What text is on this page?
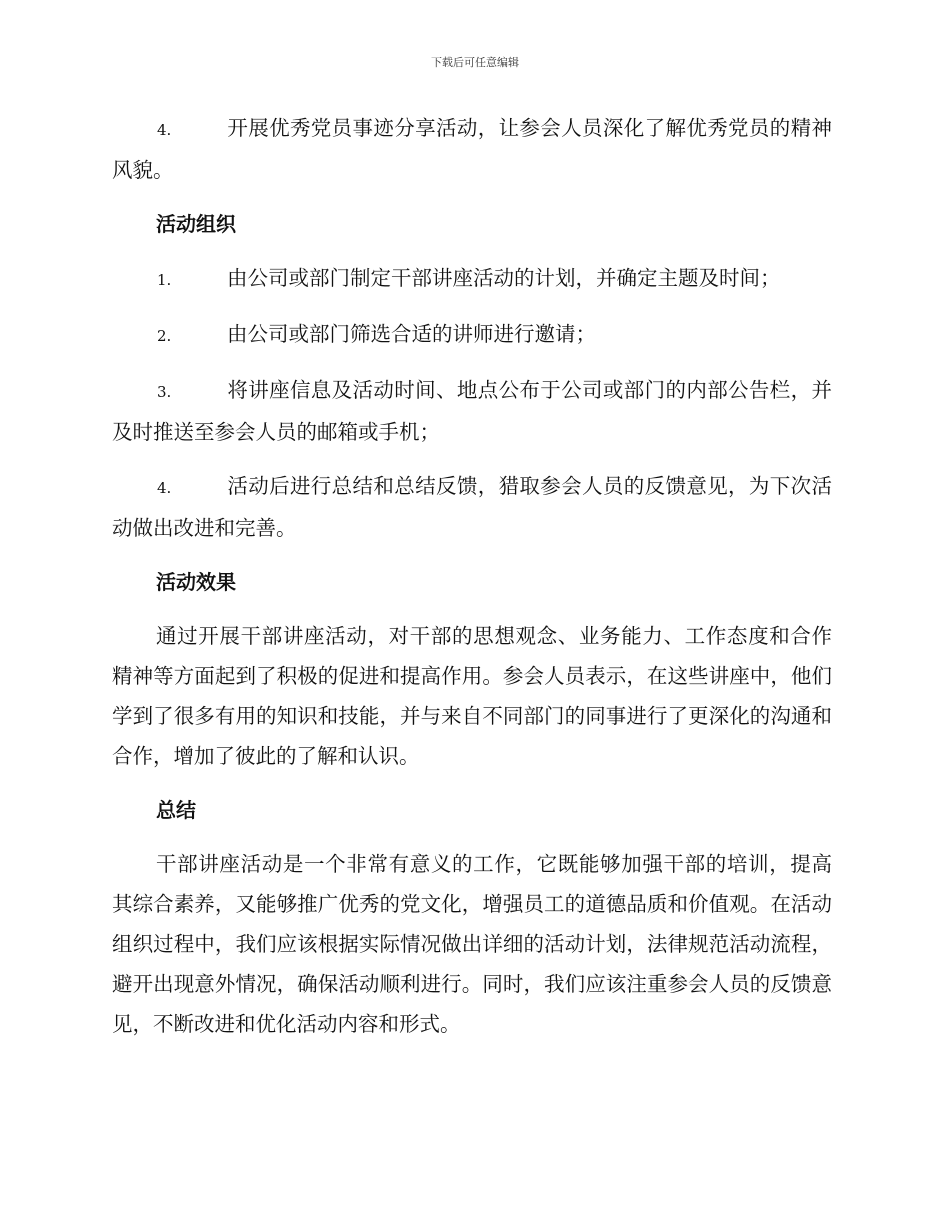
下载后可任意编辑

4.	开展优秀党员事迹分享活动，让参会人员深化了解优秀党员的精神风貌。

活动组织

1.	由公司或部门制定干部讲座活动的计划，并确定主题及时间；

2.	由公司或部门筛选合适的讲师进行邀请；

3.	将讲座信息及活动时间、地点公布于公司或部门的内部公告栏，并及时推送至参会人员的邮箱或手机；

4.	活动后进行总结和总结反馈，猎取参会人员的反馈意见，为下次活动做出改进和完善。

活动效果

通过开展干部讲座活动，对干部的思想观念、业务能力、工作态度和合作精神等方面起到了积极的促进和提高作用。参会人员表示，在这些讲座中，他们学到了很多有用的知识和技能，并与来自不同部门的同事进行了更深化的沟通和合作，增加了彼此的了解和认识。

总结

干部讲座活动是一个非常有意义的工作，它既能够加强干部的培训，提高其综合素养，又能够推广优秀的党文化，增强员工的道德品质和价值观。在活动组织过程中，我们应该根据实际情况做出详细的活动计划，法律规范活动流程，避开出现意外情况，确保活动顺利进行。同时，我们应该注重参会人员的反馈意见，不断改进和优化活动内容和形式。
